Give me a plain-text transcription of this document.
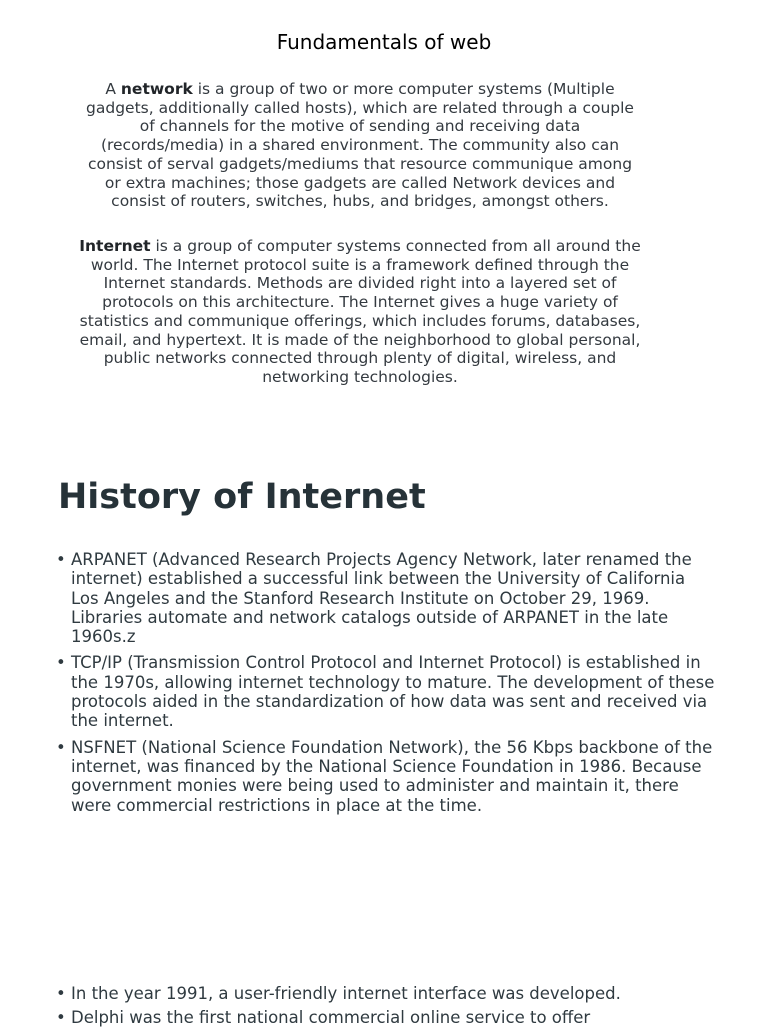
Fundamentals of web

A network is a group of two or more computer systems (Multiple gadgets, additionally called hosts), which are related through a couple of channels for the motive of sending and receiving data (records/media) in a shared environment. The community also can consist of serval gadgets/mediums that resource communique among or extra machines; those gadgets are called Network devices and consist of routers, switches, hubs, and bridges, amongst others.

Internet is a group of computer systems connected from all around the world. The Internet protocol suite is a framework defined through the Internet standards. Methods are divided right into a layered set of protocols on this architecture. The Internet gives a huge variety of statistics and communique offerings, which includes forums, databases, email, and hypertext. It is made of the neighborhood to global personal, public networks connected through plenty of digital, wireless, and networking technologies.

History of Internet
• ARPANET (Advanced Research Projects Agency Network, later renamed the internet) established a successful link between the University of California Los Angeles and the Stanford Research Institute on October 29, 1969. Libraries automate and network catalogs outside of ARPANET in the late 1960s.z
• TCP/IP (Transmission Control Protocol and Internet Protocol) is established in the 1970s, allowing internet technology to mature. The development of these protocols aided in the standardization of how data was sent and received via the internet.
• NSFNET (National Science Foundation Network), the 56 Kbps backbone of the internet, was financed by the National Science Foundation in 1986. Because government monies were being used to administer and maintain it, there were commercial restrictions in place at the time.
• In the year 1991, a user-friendly internet interface was developed.
• Delphi was the first national commercial online service to offer
